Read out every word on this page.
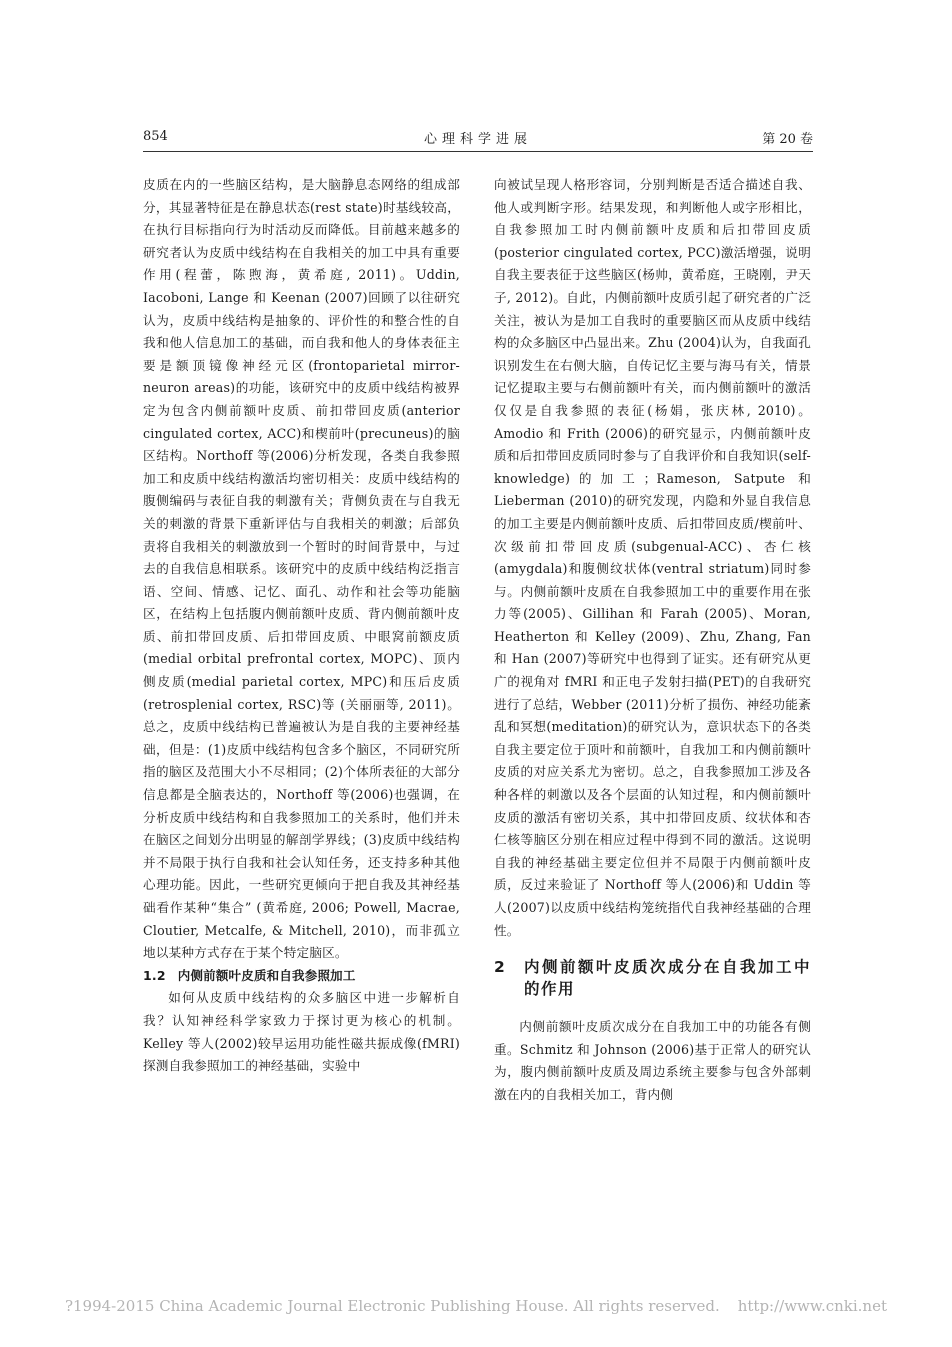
854	心理科学进展	第 20 卷

皮质在内的一些脑区结构，是大脑静息态网络的组成部分，其显著特征是在静息状态(rest state)时基线较高，在执行目标指向行为时活动反而降低。目前越来越多的研究者认为皮质中线结构在自我相关的加工中具有重要作用(程蕾，陈煦海，黄希庭, 2011)。Uddin, Iacoboni, Lange 和 Keenan (2007)回顾了以往研究认为，皮质中线结构是抽象的、评价性的和整合性的自我和他人信息加工的基础，而自我和他人的身体表征主要是额顶镜像神经元区(frontoparietal mirror-neuron areas)的功能，该研究中的皮质中线结构被界定为包含内侧前额叶皮质、前扣带回皮质(anterior cingulated cortex, ACC)和楔前叶(precuneus)的脑区结构。Northoff 等(2006)分析发现，各类自我参照加工和皮质中线结构激活均密切相关：皮质中线结构的腹侧编码与表征自我的刺激有关；背侧负责在与自我无关的刺激的背景下重新评估与自我相关的刺激；后部负责将自我相关的刺激放到一个暂时的时间背景中，与过去的自我信息相联系。该研究中的皮质中线结构泛指言语、空间、情感、记忆、面孔、动作和社会等功能脑区，在结构上包括腹内侧前额叶皮质、背内侧前额叶皮质、前扣带回皮质、后扣带回皮质、中眼窝前额皮质(medial orbital prefrontal cortex, MOPC)、顶内侧皮质(medial parietal cortex, MPC)和压后皮质(retrosplenial cortex, RSC)等 (关丽丽等, 2011)。总之，皮质中线结构已普遍被认为是自我的主要神经基础，但是：(1)皮质中线结构包含多个脑区，不同研究所指的脑区及范围大小不尽相同；(2)个体所表征的大部分信息都是全脑表达的，Northoff 等(2006)也强调，在分析皮质中线结构和自我参照加工的关系时，他们并未在脑区之间划分出明显的解剖学界线；(3)皮质中线结构并不局限于执行自我和社会认知任务，还支持多种其他心理功能。因此，一些研究更倾向于把自我及其神经基础看作某种“集合” (黄希庭, 2006; Powell, Macrae, Cloutier, Metcalfe, & Mitchell, 2010)，而非孤立地以某种方式存在于某个特定脑区。

1.2 内侧前额叶皮质和自我参照加工

如何从皮质中线结构的众多脑区中进一步解析自我？认知神经科学家致力于探讨更为核心的机制。Kelley 等人(2002)较早运用功能性磁共振成像(fMRI)探测自我参照加工的神经基础，实验中

向被试呈现人格形容词，分别判断是否适合描述自我、他人或判断字形。结果发现，和判断他人或字形相比，自我参照加工时内侧前额叶皮质和后扣带回皮质(posterior cingulated cortex, PCC)激活增强，说明自我主要表征于这些脑区(杨帅，黄希庭，王晓刚，尹天子, 2012)。自此，内侧前额叶皮质引起了研究者的广泛关注，被认为是加工自我时的重要脑区而从皮质中线结构的众多脑区中凸显出来。Zhu (2004)认为，自我面孔识别发生在右侧大脑，自传记忆主要与海马有关，情景记忆提取主要与右侧前额叶有关，而内侧前额叶的激活仅仅是自我参照的表征(杨娟，张庆林, 2010)。Amodio 和 Frith (2006)的研究显示，内侧前额叶皮质和后扣带回皮质同时参与了自我评价和自我知识(self-knowledge)的加工；Rameson, Satpute 和 Lieberman (2010)的研究发现，内隐和外显自我信息的加工主要是内侧前额叶皮质、后扣带回皮质/楔前叶、次级前扣带回皮质(subgenual-ACC)、杏仁核(amygdala)和腹侧纹状体(ventral striatum)同时参与。内侧前额叶皮质在自我参照加工中的重要作用在张力等(2005)、Gillihan 和 Farah (2005)、Moran, Heatherton 和 Kelley (2009)、Zhu, Zhang, Fan 和 Han (2007)等研究中也得到了证实。还有研究从更广的视角对 fMRI 和正电子发射扫描(PET)的自我研究进行了总结，Webber (2011)分析了损伤、神经功能紊乱和冥想(meditation)的研究认为，意识状态下的各类自我主要定位于顶叶和前额叶，自我加工和内侧前额叶皮质的对应关系尤为密切。总之，自我参照加工涉及各种各样的刺激以及各个层面的认知过程，和内侧前额叶皮质的激活有密切关系，其中扣带回皮质、纹状体和杏仁核等脑区分别在相应过程中得到不同的激活。这说明自我的神经基础主要定位但并不局限于内侧前额叶皮质，反过来验证了 Northoff 等人(2006)和 Uddin 等人(2007)以皮质中线结构笼统指代自我神经基础的合理性。

2	内侧前额叶皮质次成分在自我加工中的作用

内侧前额叶皮质次成分在自我加工中的功能各有侧重。Schmitz 和 Johnson (2006)基于正常人的研究认为，腹内侧前额叶皮质及周边系统主要参与包含外部刺激在内的自我相关加工，背内侧

?1994-2015 China Academic Journal Electronic Publishing House. All rights reserved. http://www.cnki.net
